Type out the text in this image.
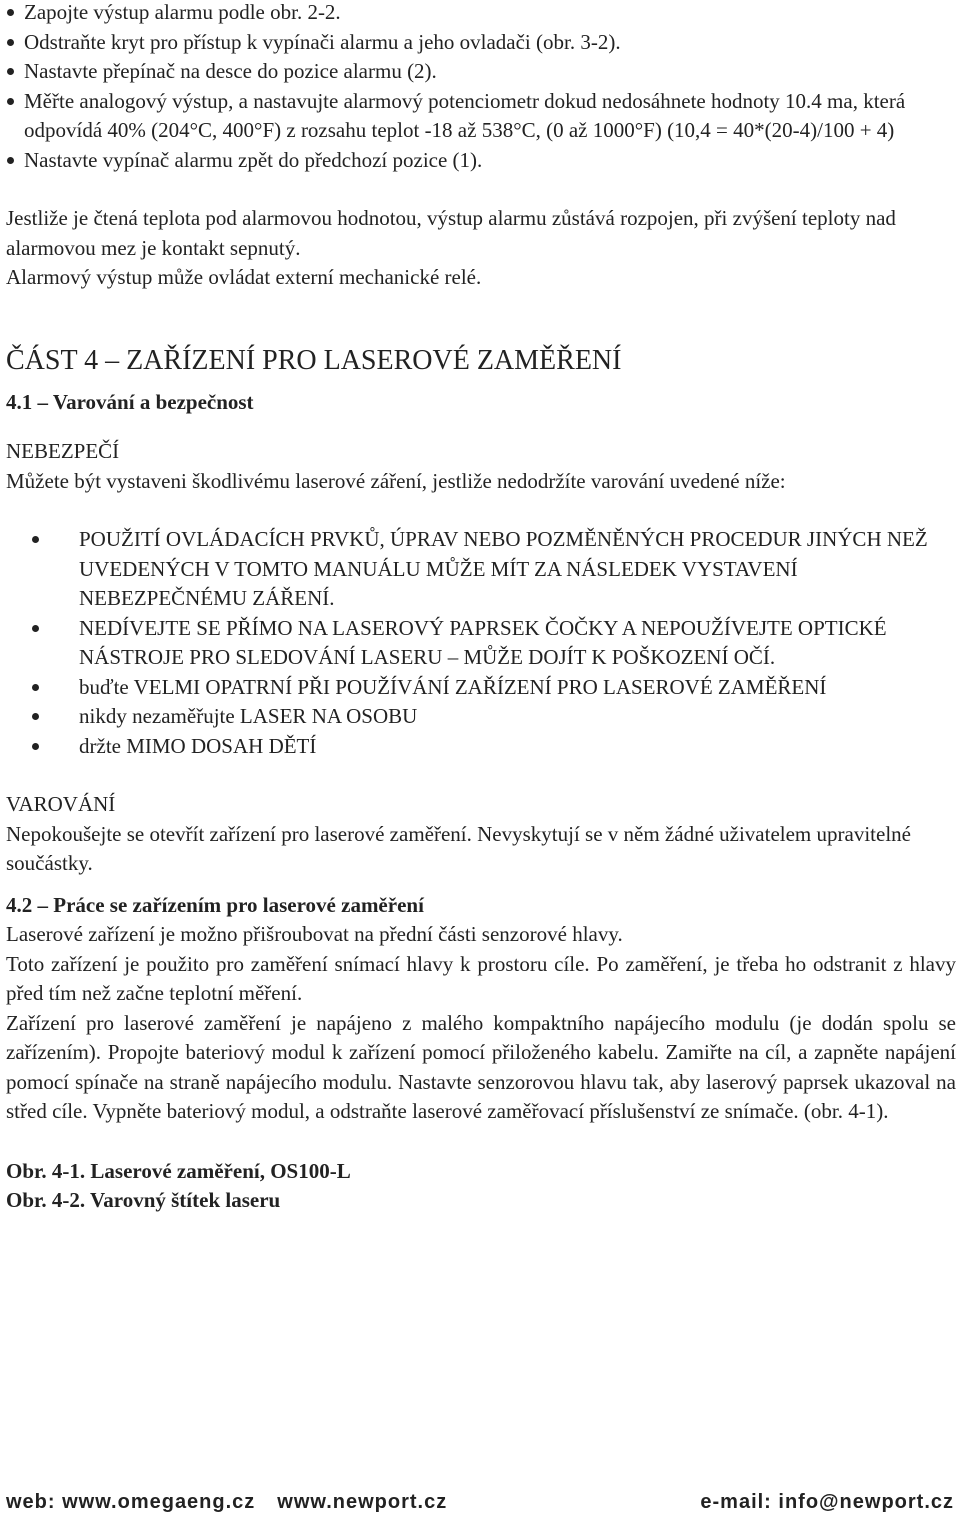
Zapojte výstup alarmu podle obr. 2-2.
Odstraňte kryt pro přístup k vypínači alarmu a jeho ovladači (obr. 3-2).
Nastavte přepínač na desce do pozice alarmu (2).
Měřte analogový výstup, a nastavujte alarmový potenciometr dokud nedosáhnete hodnoty 10.4 ma, která odpovídá 40% (204°C, 400°F) z rozsahu teplot -18 až 538°C, (0 až 1000°F) (10,4 = 40*(20-4)/100 + 4)
Nastavte vypínač alarmu zpět do předchozí pozice (1).

Jestliže je čtená teplota pod alarmovou hodnotou, výstup alarmu zůstává rozpojen, při zvýšení teploty nad alarmovou mez je kontakt sepnutý.

Alarmový výstup může ovládat externí mechanické relé.

ČÁST 4 – ZAŘÍZENÍ PRO LASEROVÉ ZAMĚŘENÍ

4.1 – Varování a bezpečnost

NEBEZPEČÍ

Můžete být vystaveni škodlivému laserové záření, jestliže nedodržíte varování uvedené níže:

POUŽITÍ OVLÁDACÍCH PRVKŮ, ÚPRAV NEBO POZMĚNĚNÝCH PROCEDUR JINÝCH NEŽ UVEDENÝCH V TOMTO MANUÁLU MŮŽE MÍT ZA NÁSLEDEK VYSTAVENÍ NEBEZPEČNÉMU ZÁŘENÍ.
NEDÍVEJTE SE PŘÍMO NA LASEROVÝ PAPRSEK ČOČKY A NEPOUŽÍVEJTE OPTICKÉ NÁSTROJE PRO SLEDOVÁNÍ LASERU – MŮŽE DOJÍT K POŠKOZENÍ OČÍ.
buďte VELMI OPATRNÍ PŘI POUŽÍVÁNÍ ZAŘÍZENÍ PRO LASEROVÉ ZAMĚŘENÍ
nikdy nezaměřujte LASER NA OSOBU
držte MIMO DOSAH DĚTÍ

VAROVÁNÍ

Nepokoušejte se otevřít zařízení pro laserové zaměření. Nevyskytují se v něm žádné uživatelem upravitelné součástky.

4.2 – Práce se zařízením pro laserové zaměření

Laserové zařízení je možno přišroubovat na přední části senzorové hlavy.

Toto zařízení je použito pro zaměření snímací hlavy k prostoru cíle. Po zaměření, je třeba ho odstranit z hlavy před tím než začne teplotní měření.

Zařízení pro laserové zaměření je napájeno z malého kompaktního napájecího modulu (je dodán spolu se zařízením). Propojte bateriový modul k zařízení pomocí přiloženého kabelu. Zamiřte na cíl, a zapněte napájení pomocí spínače na straně napájecího modulu. Nastavte senzorovou hlavu tak, aby laserový paprsek ukazoval na střed cíle. Vypněte bateriový modul, a odstraňte laserové zaměřovací příslušenství ze snímače. (obr. 4-1).

Obr. 4-1. Laserové zaměření, OS100-L

Obr. 4-2. Varovný štítek laseru

web: www.omegaeng.cz www.newport.cz	e-mail: info@newport.cz
